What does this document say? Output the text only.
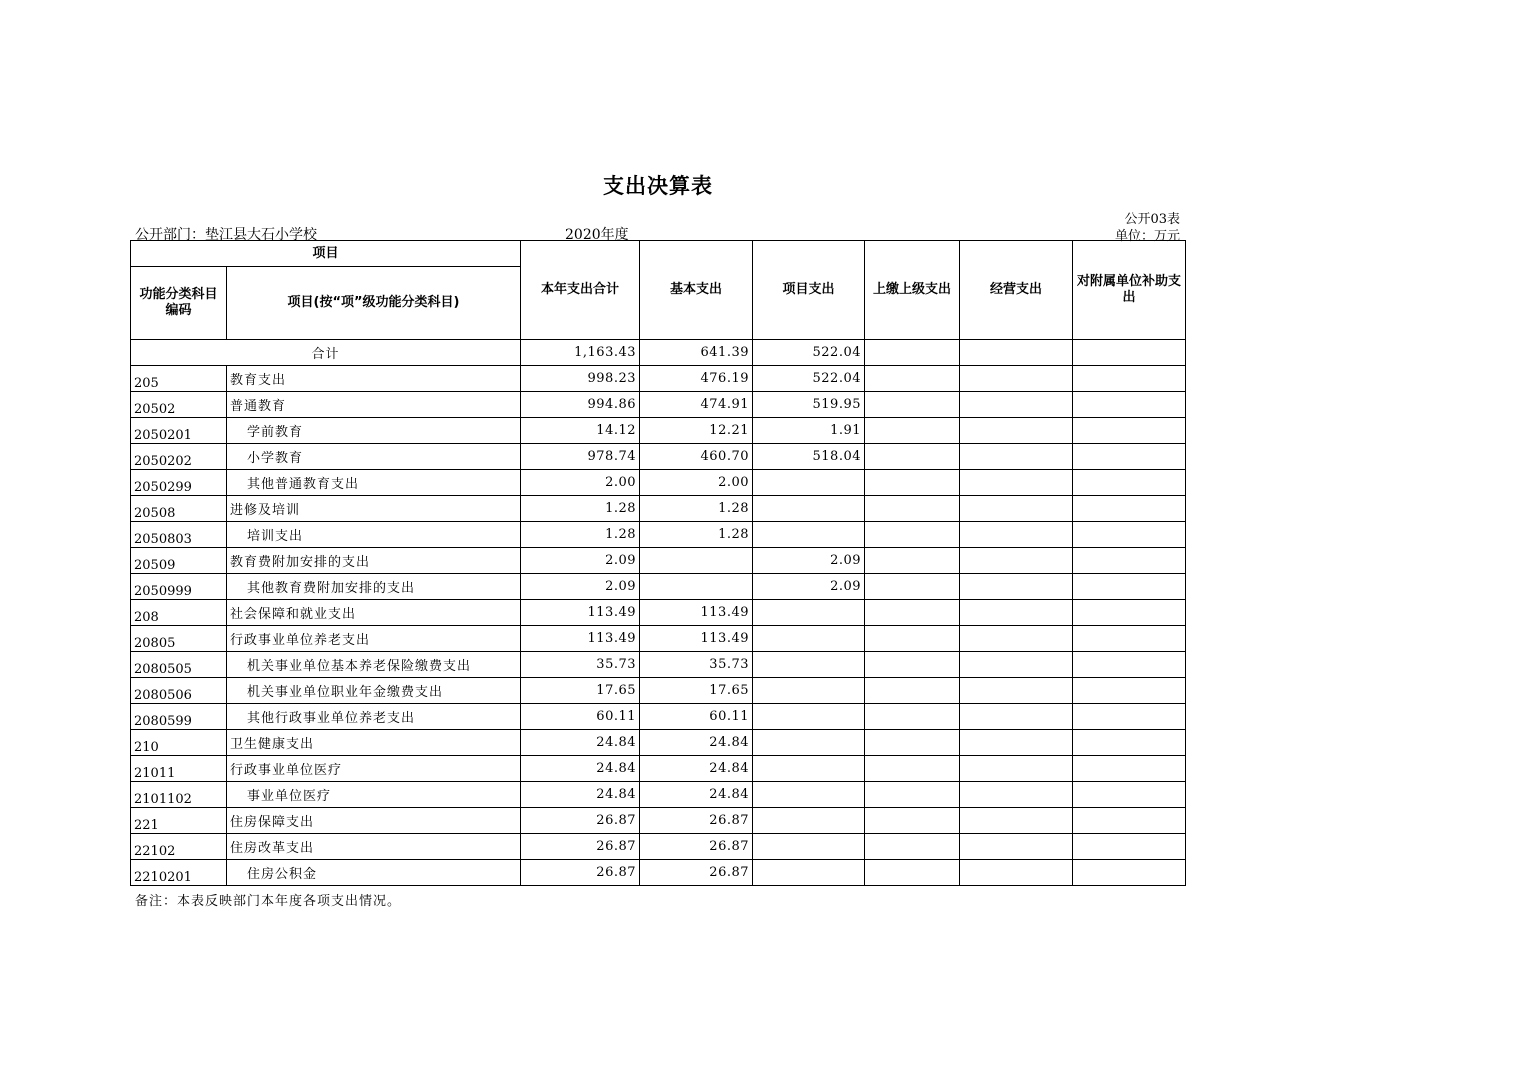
支出决算表
公开部门：垫江县大石小学校	2020年度
公开03表
单位：万元
项目		本年支出合计	基本支出	项目支出	上缴上级支出	经营支出	对附属单位补助支出
功能分类科目编码	项目(按“项”级功能分类科目)						
合计		1,163.43	641.39	522.04			
205	教育支出	998.23	476.19	522.04			
20502	普通教育	994.86	474.91	519.95			
2050201	学前教育	14.12	12.21	1.91			
2050202	小学教育	978.74	460.70	518.04			
2050299	其他普通教育支出	2.00	2.00				
20508	进修及培训	1.28	1.28				
2050803	培训支出	1.28	1.28				
20509	教育费附加安排的支出	2.09		2.09			
2050999	其他教育费附加安排的支出	2.09		2.09			
208	社会保障和就业支出	113.49	113.49				
20805	行政事业单位养老支出	113.49	113.49				
2080505	机关事业单位基本养老保险缴费支出	35.73	35.73				
2080506	机关事业单位职业年金缴费支出	17.65	17.65				
2080599	其他行政事业单位养老支出	60.11	60.11				
210	卫生健康支出	24.84	24.84				
21011	行政事业单位医疗	24.84	24.84				
2101102	事业单位医疗	24.84	24.84				
221	住房保障支出	26.87	26.87				
22102	住房改革支出	26.87	26.87				
2210201	住房公积金	26.87	26.87				
备注：本表反映部门本年度各项支出情况。
